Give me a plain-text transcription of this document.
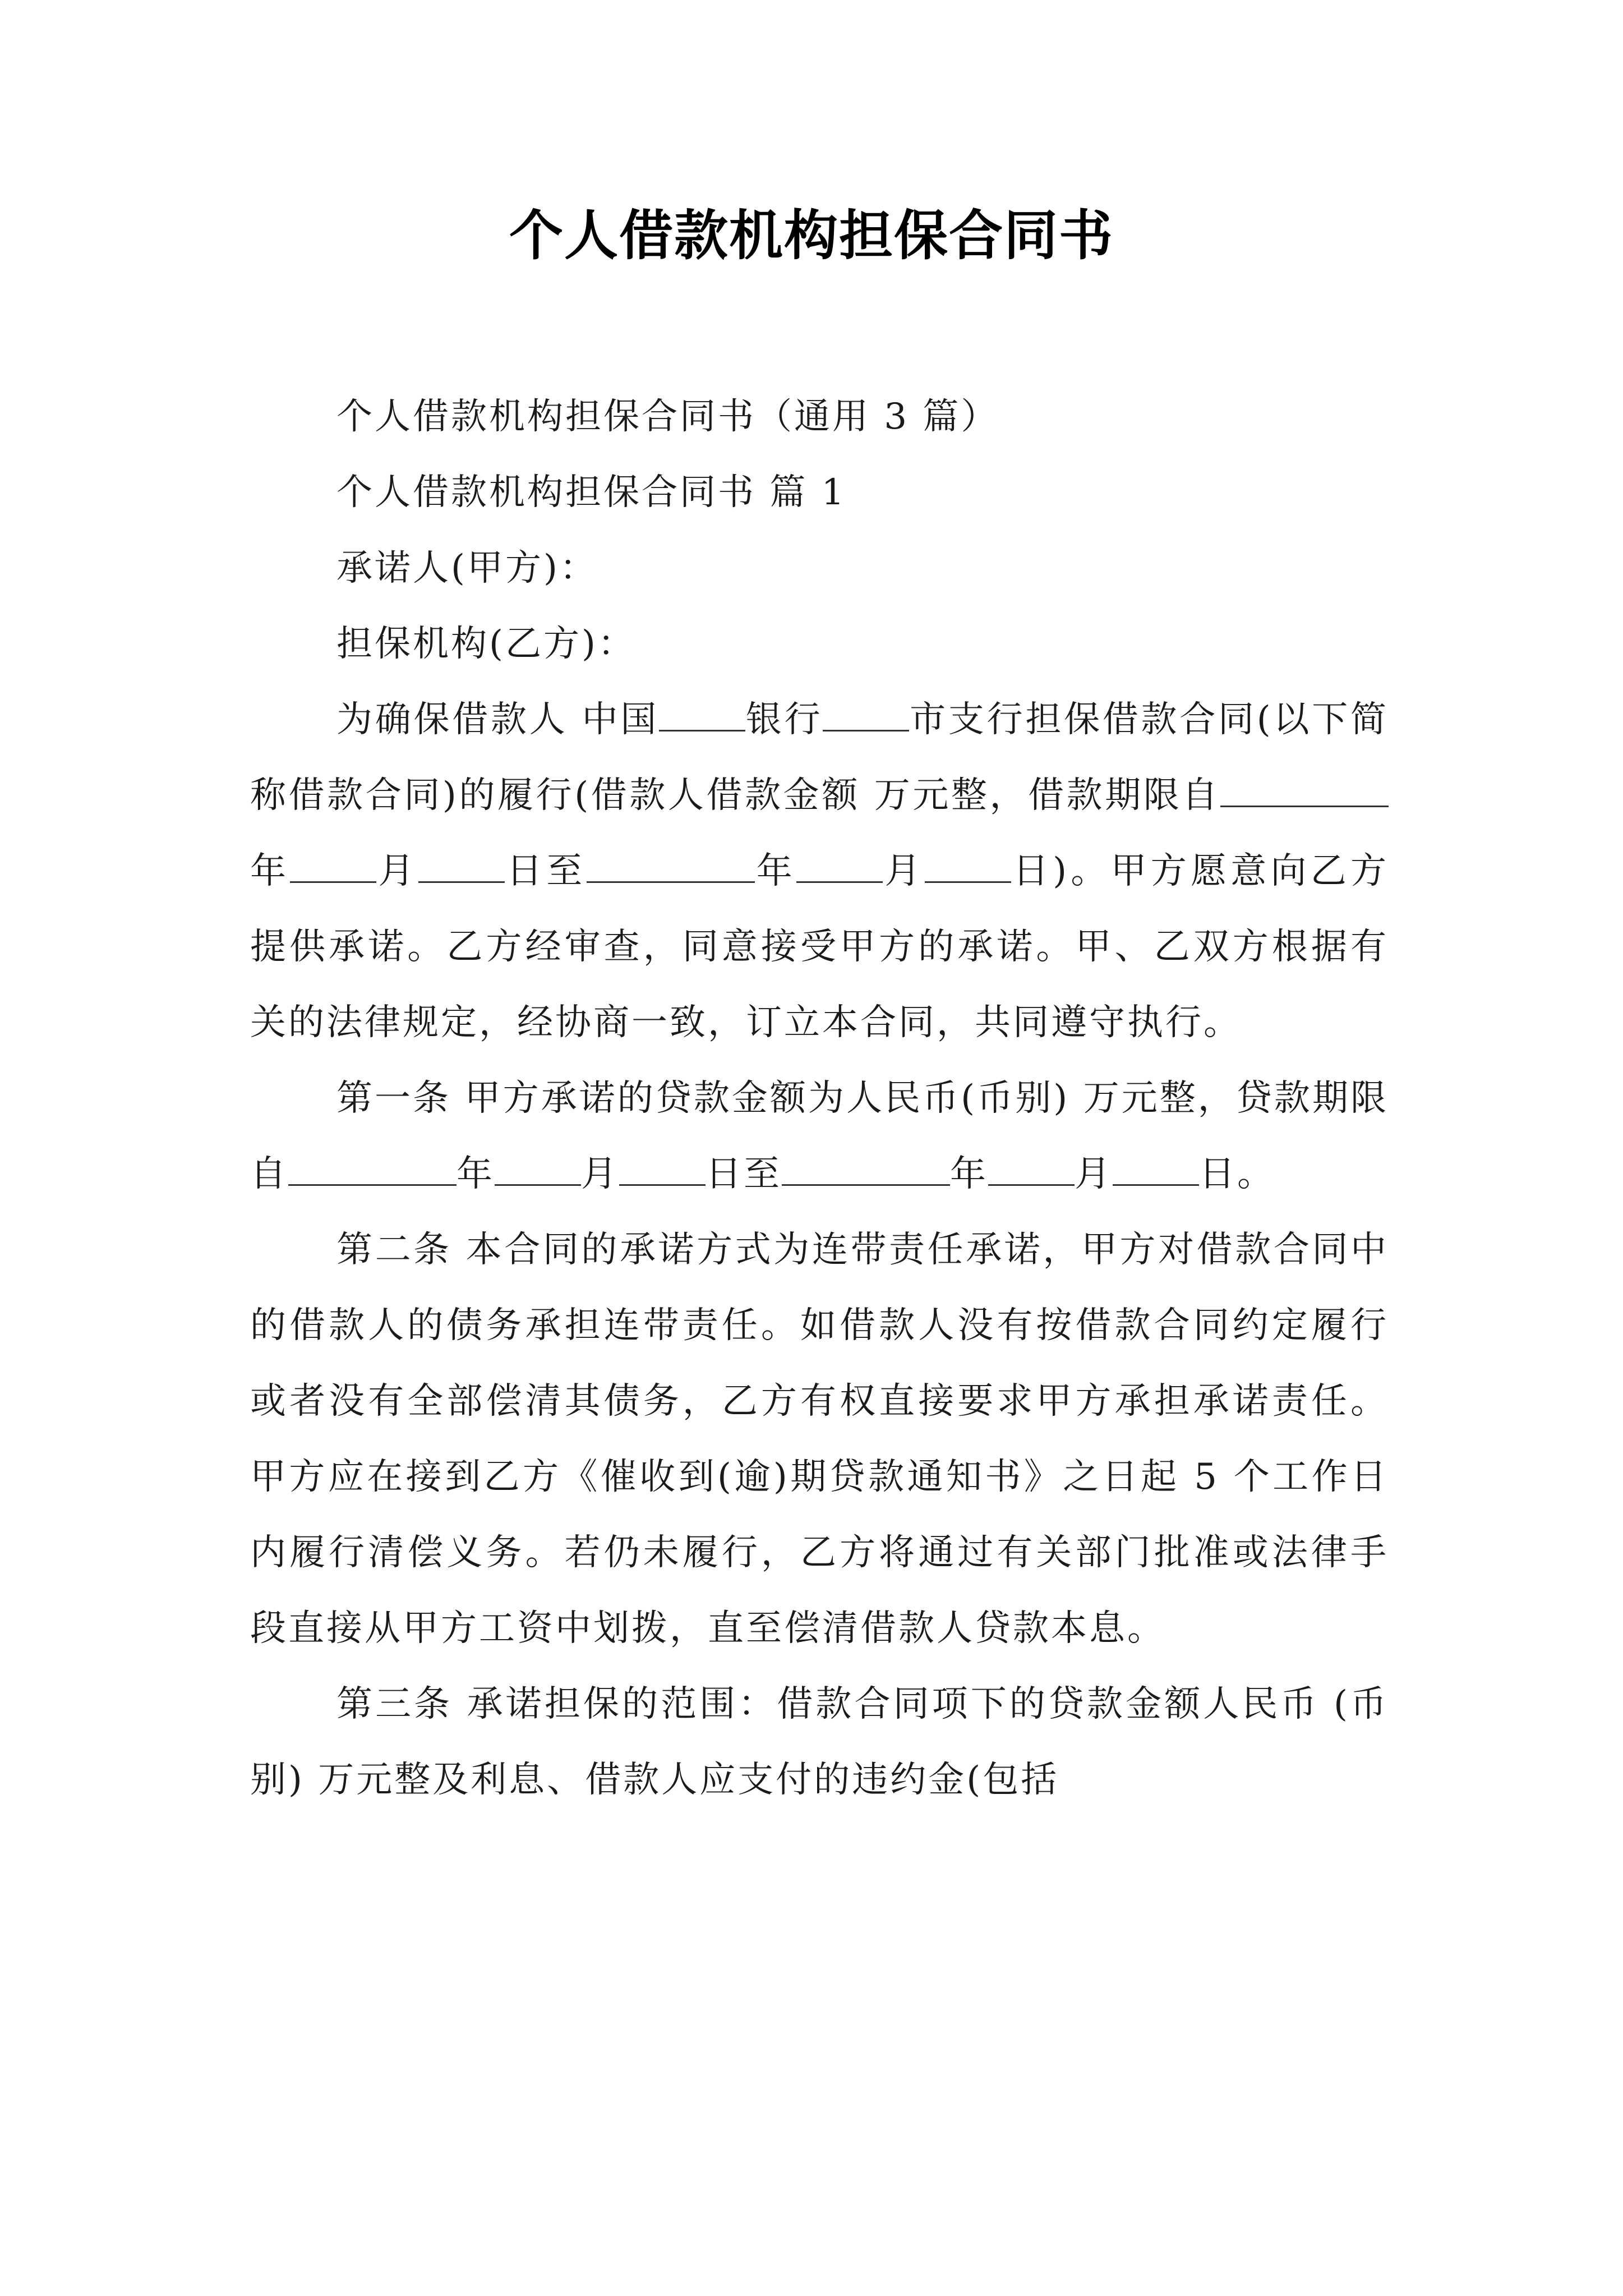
个人借款机构担保合同书

个人借款机构担保合同书（通用 3 篇）

个人借款机构担保合同书 篇 1

承诺人(甲方)：

担保机构(乙方)：

为确保借款人 中国 银行 市支行担保借款合同(以下简称借款合同)的履行(借款人借款金额 万元整，借款期限自年 月 日至	年 月 日)。甲方愿意向乙方提供承诺。乙方经审查，同意接受甲方的承诺。甲、乙双方根据有关的法律规定，经协商一致，订立本合同，共同遵守执行。

第一条 甲方承诺的贷款金额为人民币(币别) 万元整，贷款期限自	年 月 日至	年 月 日。

第二条 本合同的承诺方式为连带责任承诺，甲方对借款合同中的借款人的债务承担连带责任。如借款人没有按借款合同约定履行或者没有全部偿清其债务，乙方有权直接要求甲方承担承诺责任。甲方应在接到乙方《催收到(逾)期贷款通知书》之日起 5 个工作日内履行清偿义务。若仍未履行，乙方将通过有关部门批准或法律手段直接从甲方工资中划拨，直至偿清借款人贷款本息。

第三条 承诺担保的范围：借款合同项下的贷款金额人民币 (币别) 万元整及利息、借款人应支付的违约金(包括
